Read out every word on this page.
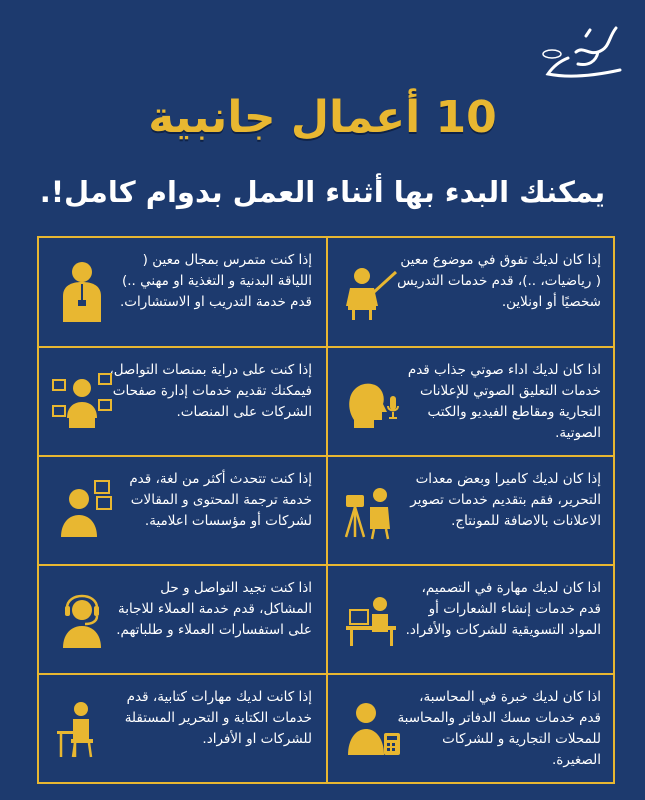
10 أعمال جانبية
يمكنك البدء بها أثناء العمل بدوام كامل!.
إذا كان لديك تفوق في موضوع معين ( رياضيات، ..)، قدم خدمات التدريس شخصيًا أو اونلاين.
إذا كنت متمرس بمجال معين ( اللياقة البدنية و التغذية او مهني ..) قدم خدمة التدريب او الاستشارات.
اذا كان لديك اداء صوتي جذاب قدم خدمات التعليق الصوتي للإعلانات التجارية ومقاطع الفيديو والكتب الصوتية.
إذا كنت على دراية بمنصات التواصل، فيمكنك تقديم خدمات إدارة صفحات الشركات على المنصات.
إذا كان لديك كاميرا وبعض معدات التحرير، فقم بتقديم خدمات تصوير الاعلانات بالاضافة للمونتاج.
إذا كنت تتحدث أكثر من لغة، قدم خدمة ترجمة المحتوى و المقالات لشركات أو مؤسسات اعلامية.
اذا كان لديك مهارة في التصميم، قدم خدمات إنشاء الشعارات أو المواد التسويقية للشركات والأفراد.
اذا كنت تجيد التواصل و حل المشاكل، قدم خدمة العملاء للاجابة على استفسارات العملاء و طلباتهم.
اذا كان لديك خبرة في المحاسبة، قدم خدمات مسك الدفاتر والمحاسبة للمحلات التجارية و للشركات الصغيرة.
إذا كانت لديك مهارات كتابية، قدم خدمات الكتابة و التحرير المستقلة للشركات او الأفراد.
